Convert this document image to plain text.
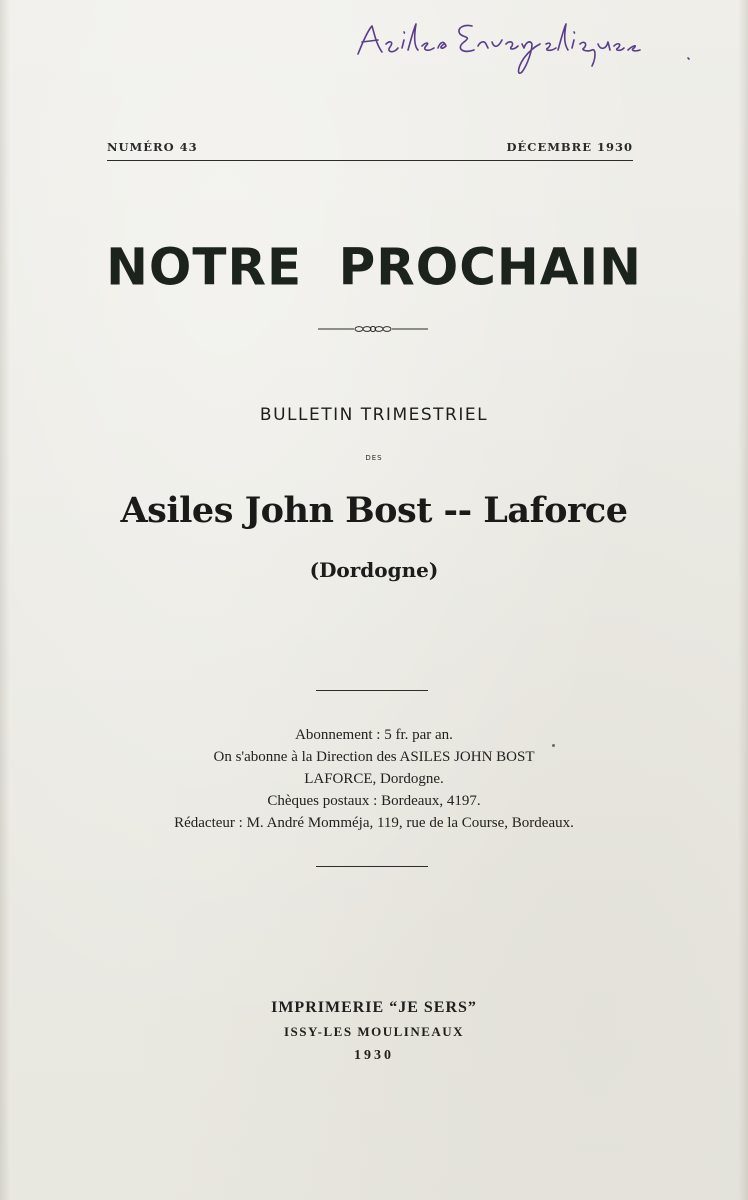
NUMÉRO 43	DÉCEMBRE 1930
NOTRE PROCHAIN
BULLETIN TRIMESTRIEL
DES
Asiles John Bost -- Laforce
(Dordogne)
Abonnement : 5 fr. par an.
On s'abonne à la Direction des ASILES JOHN BOST
LAFORCE, Dordogne.
Chèques postaux : Bordeaux, 4197.
Rédacteur : M. André Momméja, 119, rue de la Course, Bordeaux.
IMPRIMERIE “JE SERS”
ISSY-LES MOULINEAUX
1930
